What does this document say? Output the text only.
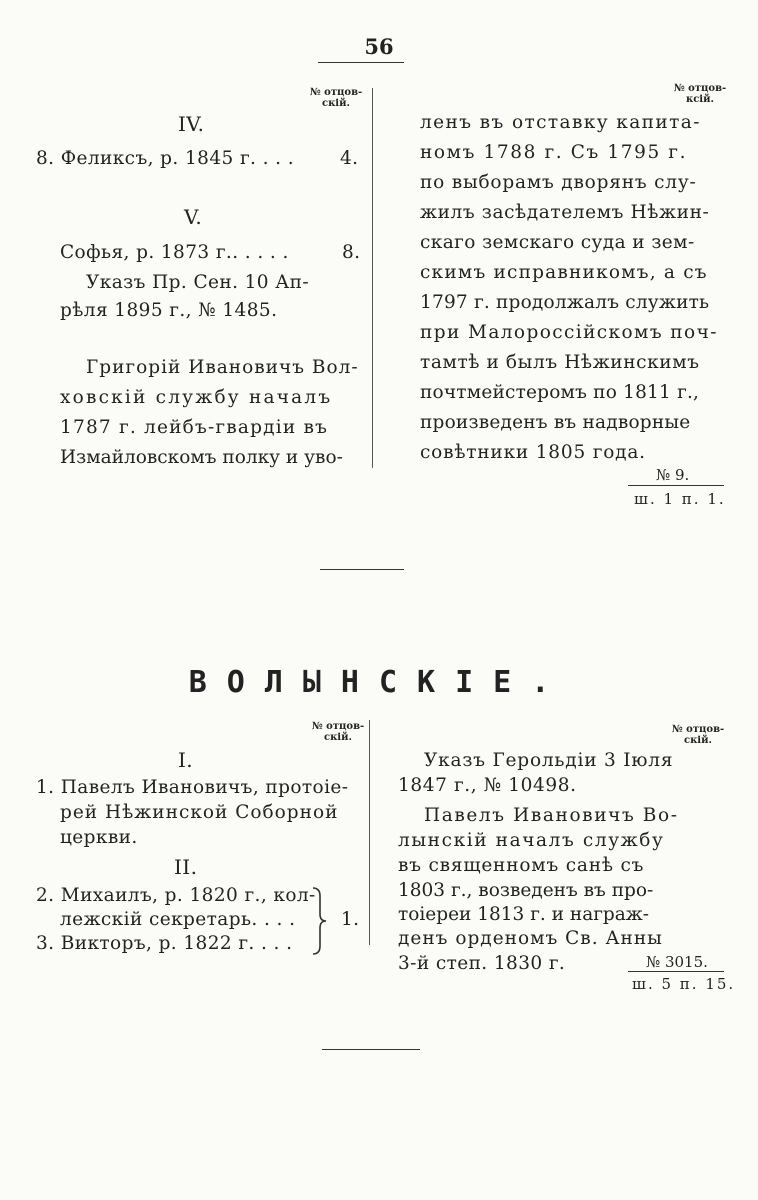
56
№ отцов-
скій.
№ отцов-
ксій.
IV.
8. Феликсъ, р. 1845 г. . . . 4.
V.
Софья, р. 1873 г.. . . . .	8.
Указъ Пр. Сен. 10 Ап-
рѣля 1895 г., № 1485.
Григорій Ивановичъ Вол-
ховскій службу началъ
1787 г. лейбъ-гвардіи въ
Измайловскомъ полку и уво-
ленъ въ отставку капита-
номъ 1788 г. Съ 1795 г.
по выборамъ дворянъ слу-
жилъ засѣдателемъ Нѣжин-
скаго земскаго суда и зем-
скимъ исправникомъ, а съ
1797 г. продолжалъ служить
при Малороссійскомъ поч-
тамтѣ и былъ Нѣжинскимъ
почтмейстеромъ по 1811 г.,
произведенъ въ надворные
совѣтники 1805 года.
№ 9.
ш. 1 п. 1.
ВОЛЫНСКІЕ.
№ отцов-
скій.
№ отцов-
скій.
I.
1. Павелъ Ивановичъ, протоіе-
рей Нѣжинской Соборной
церкви.
II.
2. Михаилъ, р. 1820 г., кол-
лежскій секретарь. . . .
3. Викторъ, р. 1822 г. . . .
1.
Указъ Герольдіи 3 Іюля
1847 г., № 10498.
Павелъ Ивановичъ Во-
лынскій началъ службу
въ священномъ санѣ съ
1803 г., возведенъ въ про-
тоіереи 1813 г. и награж-
денъ орденомъ Св. Анны
3-й степ. 1830 г.	№ 3015.
ш. 5 п. 15.
